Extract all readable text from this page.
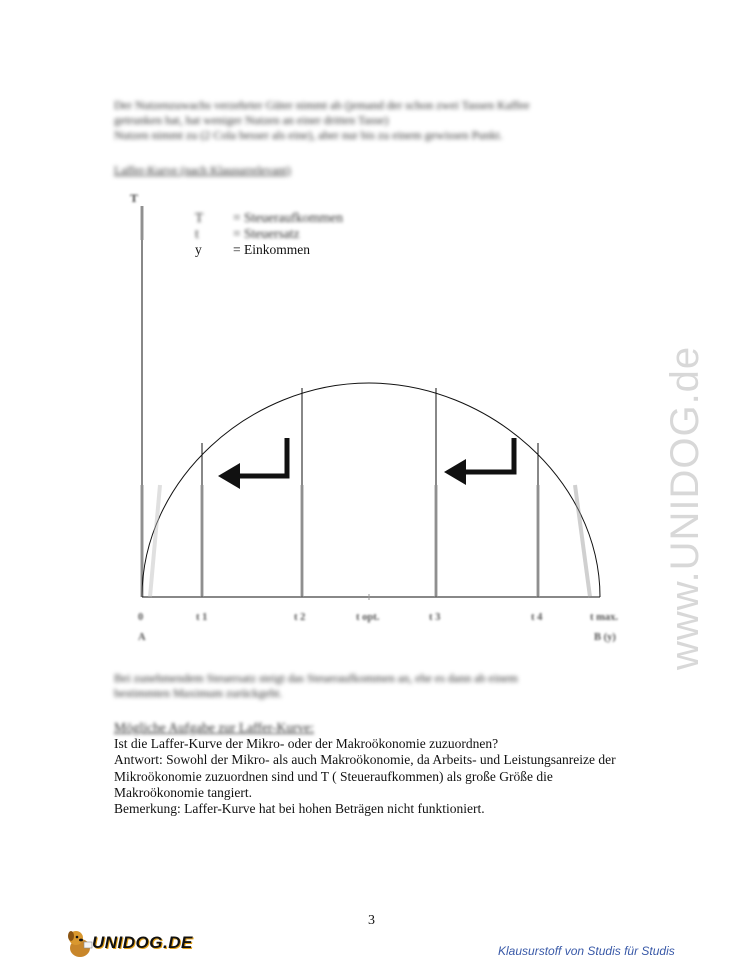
Der Nutzenzuwachs verzehrter Güter nimmt ab (jemand der schon zwei Tassen Kaffee
getrunken hat, hat weniger Nutzen an einer dritten Tasse)
Nutzen nimmt zu (2 Cola besser als eine), aber nur bis zu einem gewissen Punkt.
Laffer-Kurve (nach Klausurrelevant)
T
0	t 1	t 2	t opt.	t 3	t 4	t max.
A	B (y)
T = Steueraufkommen
t	= Steuersatz
y = Einkommen
Bei zunehmendem Steuersatz steigt das Steueraufkommen an, ehe es dann ab einem
bestimmten Maximum zurückgeht.
Mögliche Aufgabe zur Laffer-Kurve:
Ist die Laffer-Kurve der Mikro- oder der Makroökonomie zuzuordnen?
Antwort: Sowohl der Mikro- als auch Makroökonomie, da Arbeits- und Leistungsanreize der
Mikroökonomie zuzuordnen sind und T ( Steueraufkommen) als große Größe die
Makroökonomie tangiert.
Bemerkung: Laffer-Kurve hat bei hohen Beträgen nicht funktioniert.
3
UNIDOG.DE	Klausurstoff von Studis für Studis
www.UNIDOG.de
